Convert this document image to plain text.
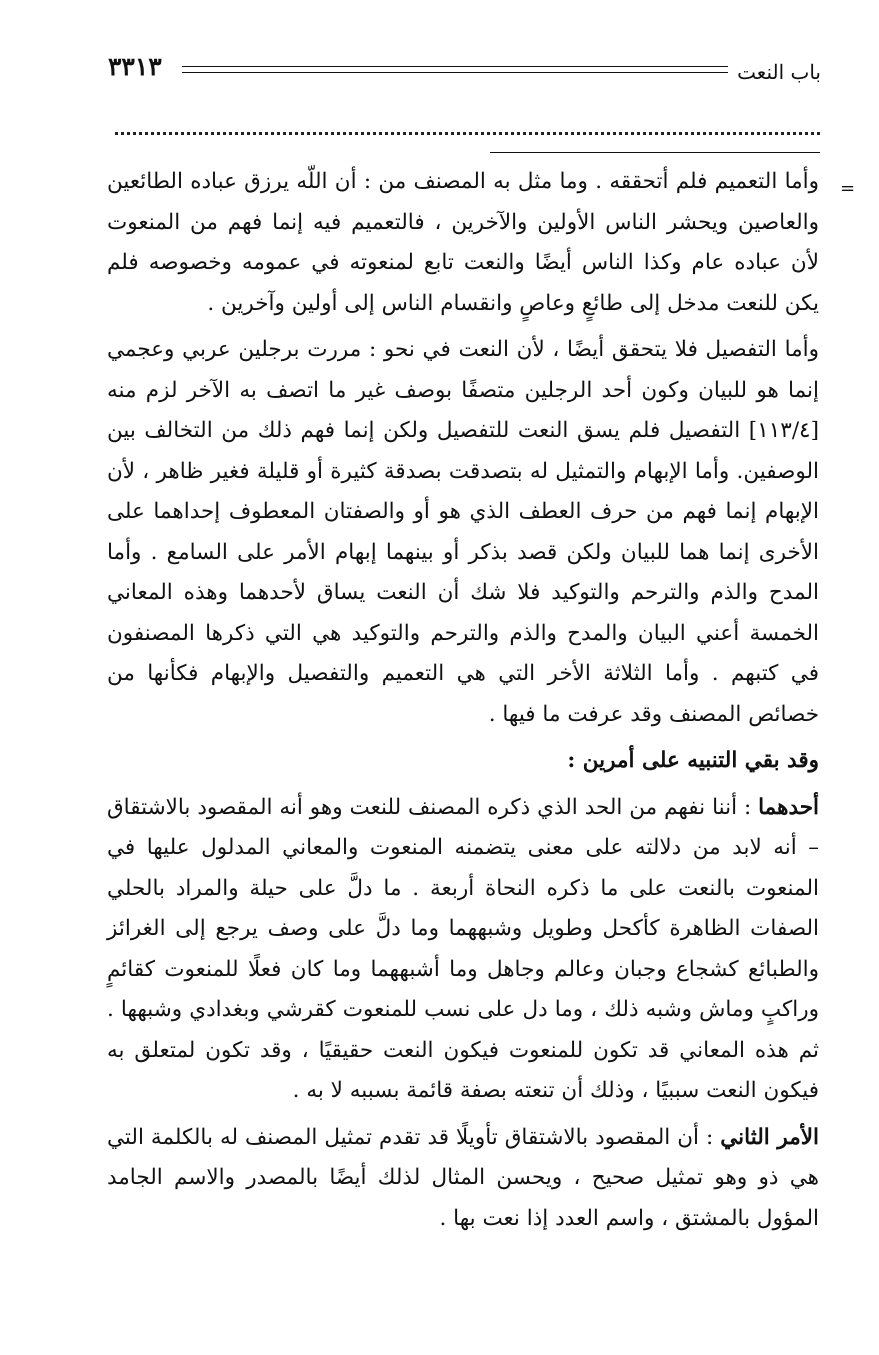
باب النعت
٣٣١٣
=

وأما التعميم فلم أتحققه . وما مثل به المصنف من : أن اللّه يرزق عباده الطائعين والعاصين ويحشر الناس الأولين والآخرين ، فالتعميم فيه إنما فهم من المنعوت لأن عباده عام وكذا الناس أيضًا والنعت تابع لمنعوته في عمومه وخصوصه فلم يكن للنعت مدخل إلى طائعٍ وعاصٍ وانقسام الناس إلى أولين وآخرين .

وأما التفصيل فلا يتحقق أيضًا ، لأن النعت في نحو : مررت برجلين عربي وعجمي إنما هو للبيان وكون أحد الرجلين متصفًا بوصف غير ما اتصف به الآخر لزم منه [١١٣/٤] التفصيل فلم يسق النعت للتفصيل ولكن إنما فهم ذلك من التخالف بين الوصفين. وأما الإبهام والتمثيل له بتصدقت بصدقة كثيرة أو قليلة فغير ظاهر ، لأن الإبهام إنما فهم من حرف العطف الذي هو أو والصفتان المعطوف إحداهما على الأخرى إنما هما للبيان ولكن قصد بذكر أو بينهما إبهام الأمر على السامع . وأما المدح والذم والترحم والتوكيد فلا شك أن النعت يساق لأحدهما وهذه المعاني الخمسة أعني البيان والمدح والذم والترحم والتوكيد هي التي ذكرها المصنفون في كتبهم . وأما الثلاثة الأخر التي هي التعميم والتفصيل والإبهام فكأنها من خصائص المصنف وقد عرفت ما فيها .

وقد بقي التنبيه على أمرين :

أحدهما : أننا نفهم من الحد الذي ذكره المصنف للنعت وهو أنه المقصود بالاشتقاق – أنه لابد من دلالته على معنى يتضمنه المنعوت والمعاني المدلول عليها في المنعوت بالنعت على ما ذكره النحاة أربعة . ما دلَّ على حيلة والمراد بالحلي الصفات الظاهرة كأكحل وطويل وشبههما وما دلَّ على وصف يرجع إلى الغرائز والطبائع كشجاع وجبان وعالم وجاهل وما أشبههما وما كان فعلًا للمنعوت كقائمٍ وراكبٍ وماش وشبه ذلك ، وما دل على نسب للمنعوت كقرشي وبغدادي وشبهها . ثم هذه المعاني قد تكون للمنعوت فيكون النعت حقيقيًا ، وقد تكون لمتعلق به فيكون النعت سببيًا ، وذلك أن تنعته بصفة قائمة بسببه لا به .

الأمر الثاني : أن المقصود بالاشتقاق تأويلًا قد تقدم تمثيل المصنف له بالكلمة التي هي ذو وهو تمثيل صحيح ، ويحسن المثال لذلك أيضًا بالمصدر والاسم الجامد المؤول بالمشتق ، واسم العدد إذا نعت بها .
